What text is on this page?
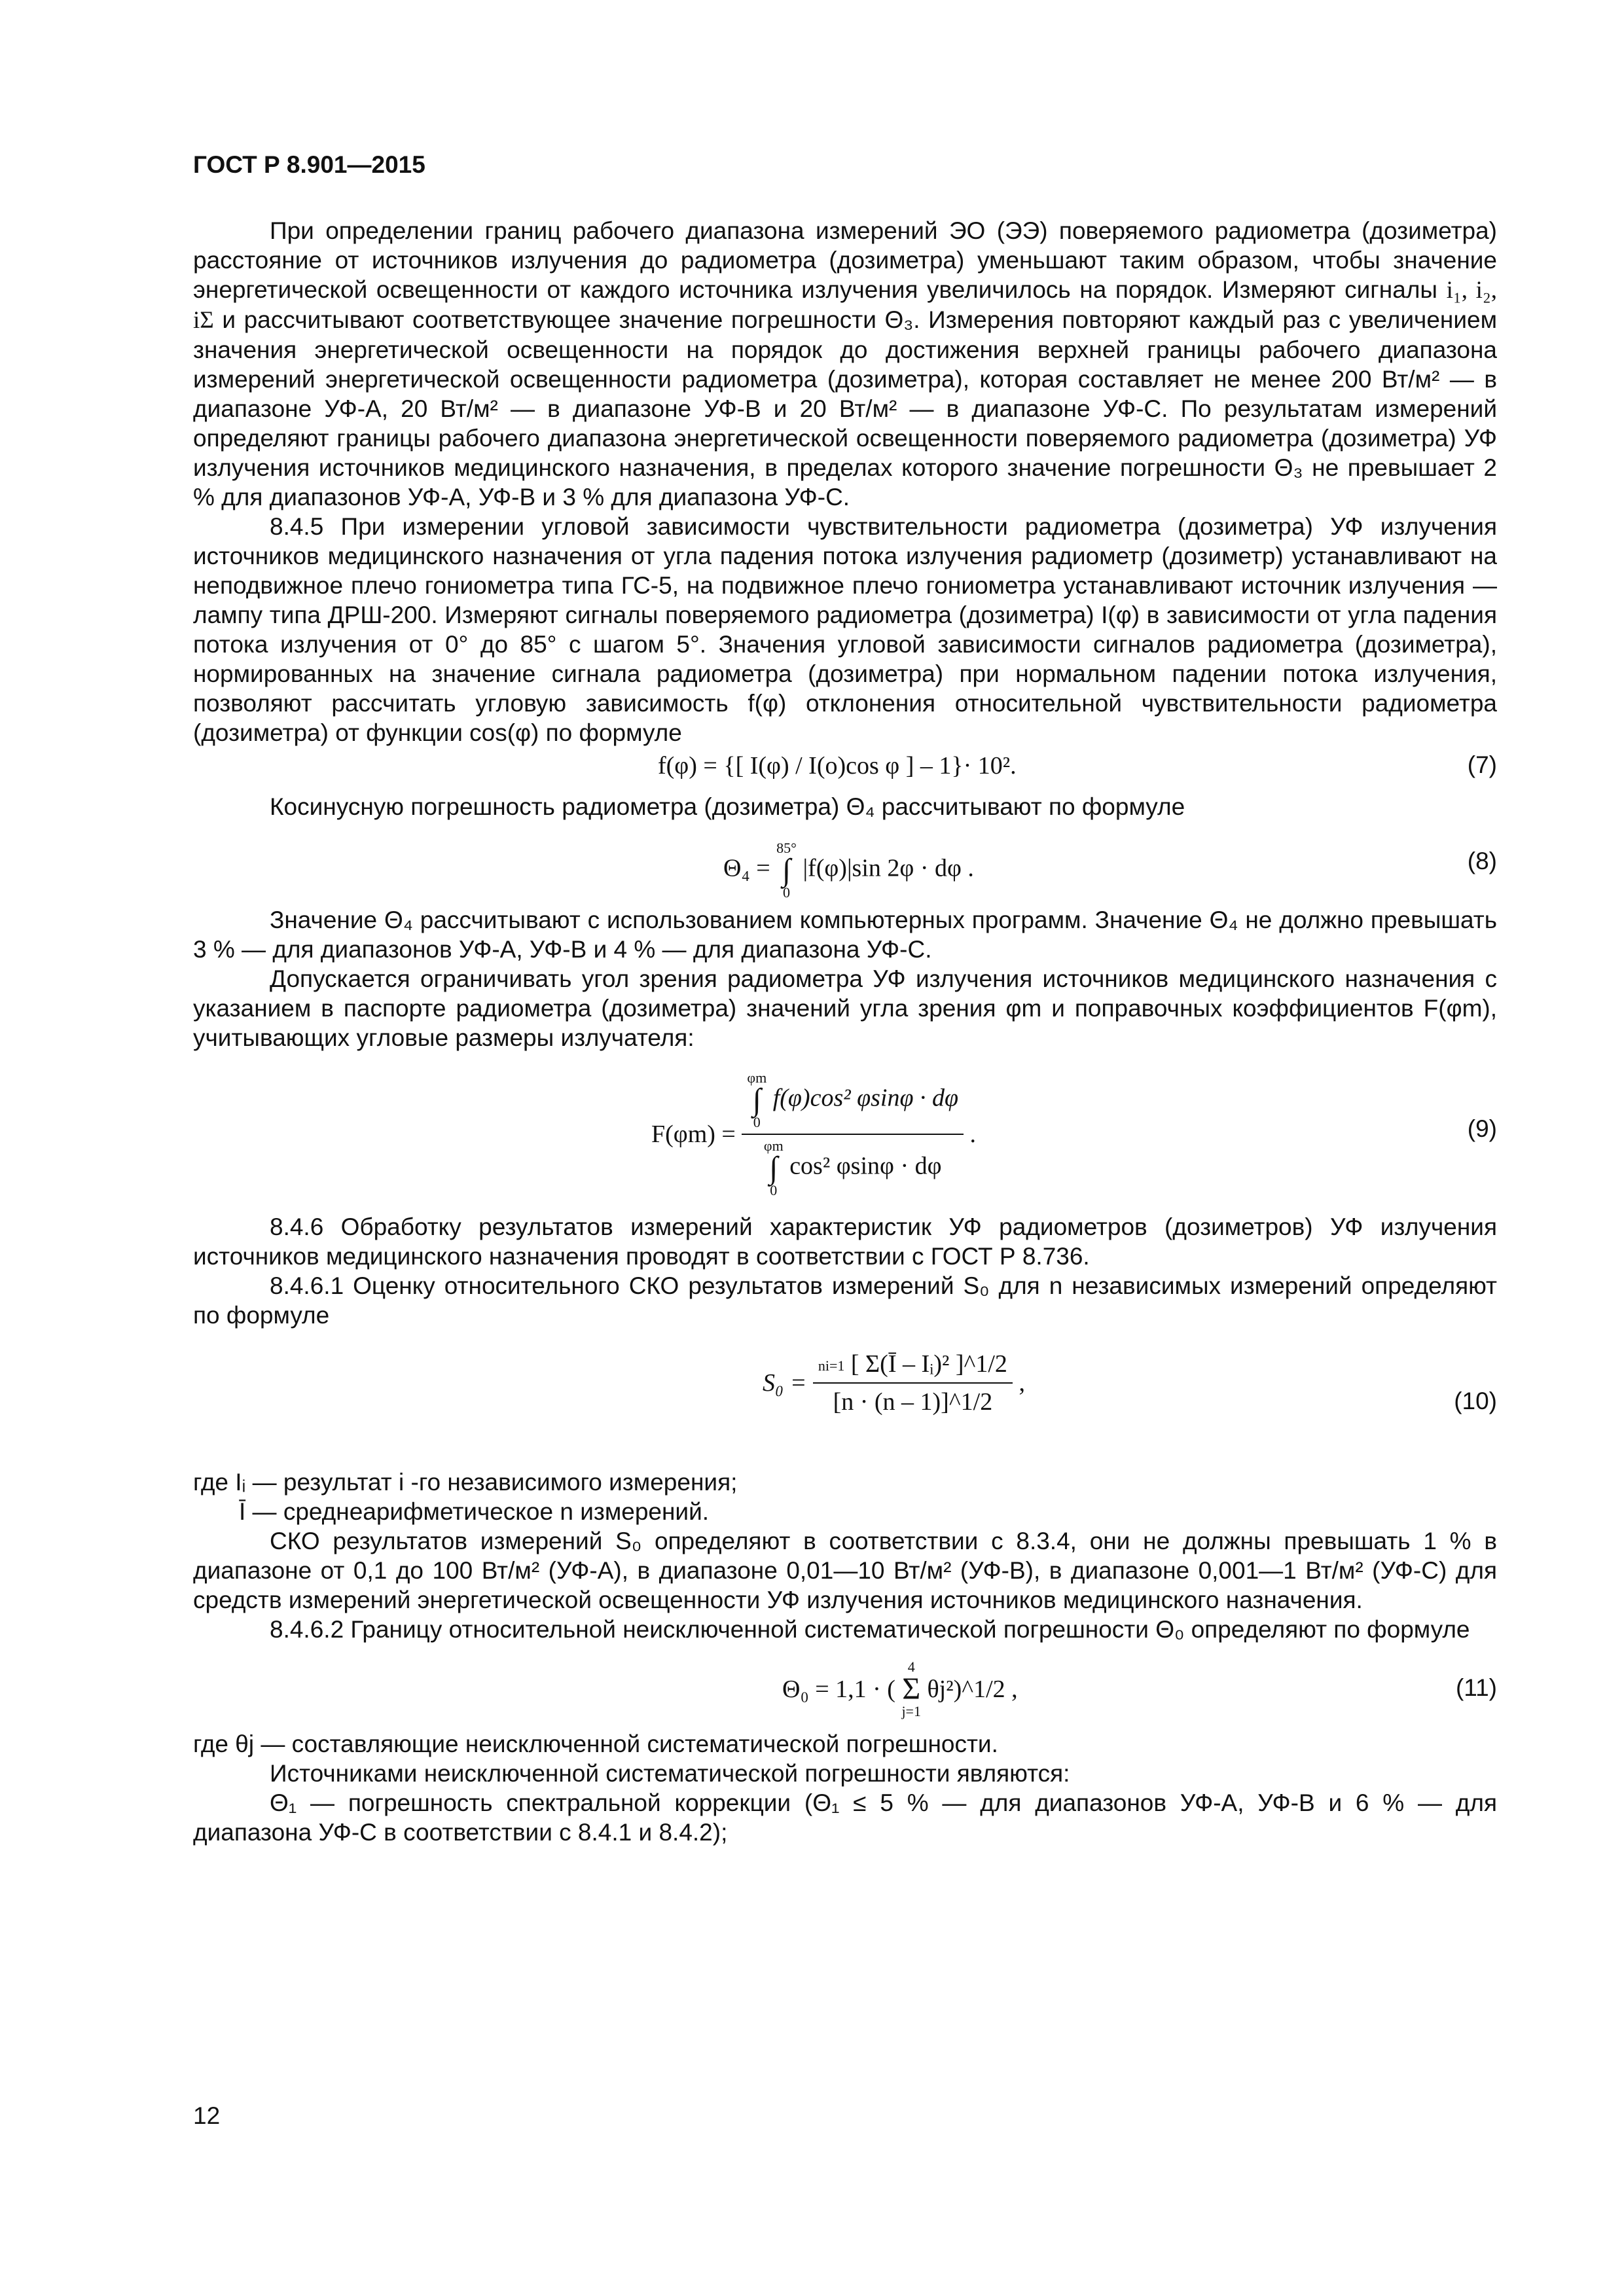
ГОСТ Р 8.901—2015

При определении границ рабочего диапазона измерений ЭО (ЭЭ) поверяемого радиометра (дозиметра) расстояние от источников излучения до радиометра (дозиметра) уменьшают таким образом, чтобы значение энергетической освещенности от каждого источника излучения увеличилось на порядок. Измеряют сигналы i₁, i₂, iΣ и рассчитывают соответствующее значение погрешности Θ₃. Измерения повторяют каждый раз с увеличением значения энергетической освещенности на порядок до достижения верхней границы рабочего диапазона измерений энергетической освещенности радиометра (дозиметра), которая составляет не менее 200 Вт/м² — в диапазоне УФ-А, 20 Вт/м² — в диапазоне УФ-В и 20 Вт/м² — в диапазоне УФ-С. По результатам измерений определяют границы рабочего диапазона энергетической освещенности поверяемого радиометра (дозиметра) УФ излучения источников медицинского назначения, в пределах которого значение погрешности Θ₃ не превышает 2 % для диапазонов УФ-А, УФ-В и 3 % для диапазона УФ-С.

8.4.5 При измерении угловой зависимости чувствительности радиометра (дозиметра) УФ излучения источников медицинского назначения от угла падения потока излучения радиометр (дозиметр) устанавливают на неподвижное плечо гониометра типа ГС-5, на подвижное плечо гониометра устанавливают источник излучения — лампу типа ДРШ-200. Измеряют сигналы поверяемого радиометра (дозиметра) I(φ) в зависимости от угла падения потока излучения от 0° до 85° с шагом 5°. Значения угловой зависимости сигналов радиометра (дозиметра), нормированных на значение сигнала радиометра (дозиметра) при нормальном падении потока излучения, позволяют рассчитать угловую зависимость f(φ) отклонения относительной чувствительности радиометра (дозиметра) от функции cos(φ) по формуле

f(φ) = {[ I(φ) / I(o)cos φ ] – 1}· 10².	(7)

Косинусную погрешность радиометра (дозиметра) Θ₄ рассчитывают по формуле

Θ₄ = 85°
∫
0 |f(φ)|sin 2φ · dφ .	(8)

Значение Θ₄ рассчитывают с использованием компьютерных программ. Значение Θ₄ не должно превышать 3 % — для диапазонов УФ-А, УФ-В и 4 % — для диапазона УФ-С.

Допускается ограничивать угол зрения радиометра УФ излучения источников медицинского назначения с указанием в паспорте радиометра (дозиметра) значений угла зрения φm и поправочных коэффициентов F(φm), учитывающих угловые размеры излучателя:

F(φm) = φm
∫
0 f(φ)cos² φsinφ · dφ
φm
∫
0 cos² φsinφ · dφ .	(9)

8.4.6 Обработку результатов измерений характеристик УФ радиометров (дозиметров) УФ излучения источников медицинского назначения проводят в соответствии с ГОСТ Р 8.736.

8.4.6.1 Оценку относительного СКО результатов измерений S₀ для n независимых измерений определяют по формуле

$S_0 = \frac{\text{ni=1 [ Σ(Ī – Iᵢ)² ]\textasciicircum{}1/2}}{[n \cdot (n - 1)]\^{}1/2}$ ,
(10)

где Iᵢ — результат i -го независимого измерения;

Ī — среднеарифметическое n измерений.

СКО результатов измерений S₀ определяют в соответствии с 8.3.4, они не должны превышать 1 % в диапазоне от 0,1 до 100 Вт/м² (УФ-А), в диапазоне 0,01—10 Вт/м² (УФ-В), в диапазоне 0,001—1 Вт/м² (УФ-С) для средств измерений энергетической освещенности УФ излучения источников медицинского назначения.

8.4.6.2 Границу относительной неисключенной систематической погрешности Θ₀ определяют по формуле

Θ₀ = 1,1 · ( 4
Σ
j=1 θj²)^1/2 ,	(11)

где θj — составляющие неисключенной систематической погрешности.

Источниками неисключенной систематической погрешности являются:

Θ₁ — погрешность спектральной коррекции (Θ₁ ≤ 5 % — для диапазонов УФ-А, УФ-В и 6 % — для диапазона УФ-С в соответствии с 8.4.1 и 8.4.2);

12
